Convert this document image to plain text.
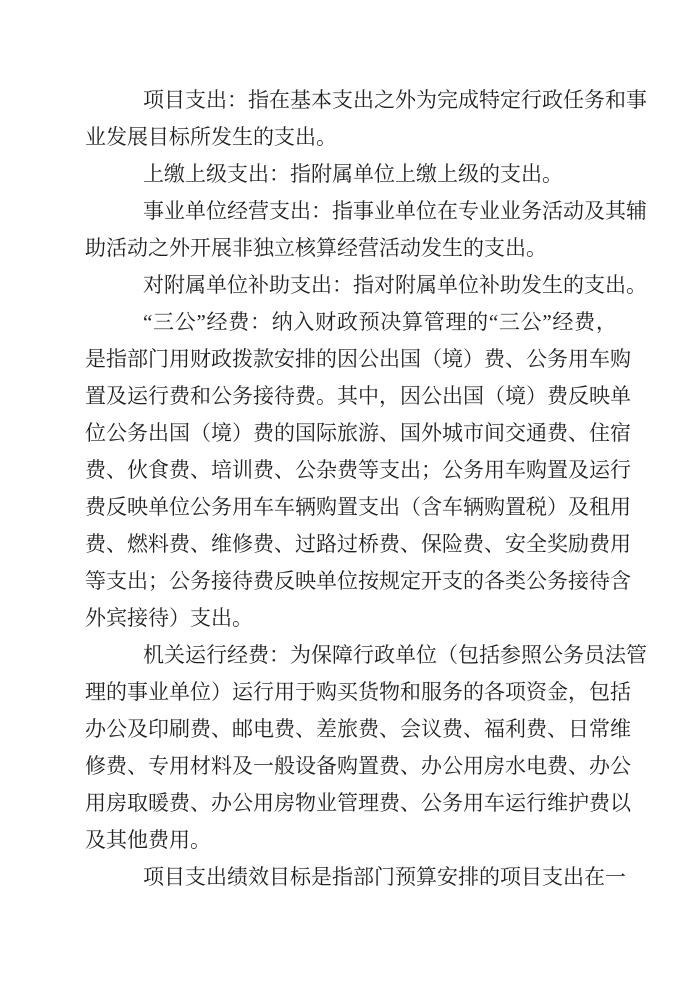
项 目 支 出 ： 指 在 基 本 支 出 之 外 为 完 成 特 定 行 政 任 务 和 事
业发展目标所发生的支出。
上缴上级支出：指附属单位上缴上级的支出。
事 业 单 位 经 营 支 出 ： 指 事 业 单 位 在 专 业 业 务 活 动 及 其 辅
助活动之外开展非独立核算经营活动发生的支出。
对 附 属 单 位 补 助 支 出 ： 指 对 附 属 单 位 补 助 发 生 的 支 出 。
“ 三 公 ” 经 费 ： 纳 入 财 政 预 决 算 管 理 的 “ 三 公 ” 经 费 ，
是 指 部 门 用 财 政 拨 款 安 排 的 因 公 出 国 （ 境 ） 费 、 公 务 用 车 购
置 及 运 行 费 和 公 务 接 待 费 。 其 中 ， 因 公 出 国 （ 境 ） 费 反 映 单
位 公 务 出 国 （ 境 ） 费 的 国 际 旅 游 、 国 外 城 市 间 交 通 费 、 住 宿
费 、 伙 食 费 、 培 训 费 、 公 杂 费 等 支 出 ； 公 务 用 车 购 置 及 运 行
费 反 映 单 位 公 务 用 车 车 辆 购 置 支 出 （ 含 车 辆 购 置 税 ） 及 租 用
费 、 燃 料 费 、 维 修 费 、 过 路 过 桥 费 、 保 险 费 、 安 全 奖 励 费 用
等 支 出 ； 公 务 接 待 费 反 映 单 位 按 规 定 开 支 的 各 类 公 务 接 待 含
外宾接待）支出。
机 关 运 行 经 费 ： 为 保 障 行 政 单 位 （ 包 括 参 照 公 务 员 法 管
理 的 事 业 单 位 ） 运 行 用 于 购 买 货 物 和 服 务 的 各 项 资 金 ， 包 括
办 公 及 印 刷 费 、 邮 电 费 、 差 旅 费 、 会 议 费 、 福 利 费 、 日 常 维
修 费 、 专 用 材 料 及 一 般 设 备 购 置 费 、 办 公 用 房 水 电 费 、 办 公
用 房 取 暖 费 、 办 公 用 房 物 业 管 理 费 、 公 务 用 车 运 行 维 护 费 以
及其他费用。
项 目 支 出 绩 效 目 标 是 指 部 门 预 算 安 排 的 项 目 支 出 在 一
